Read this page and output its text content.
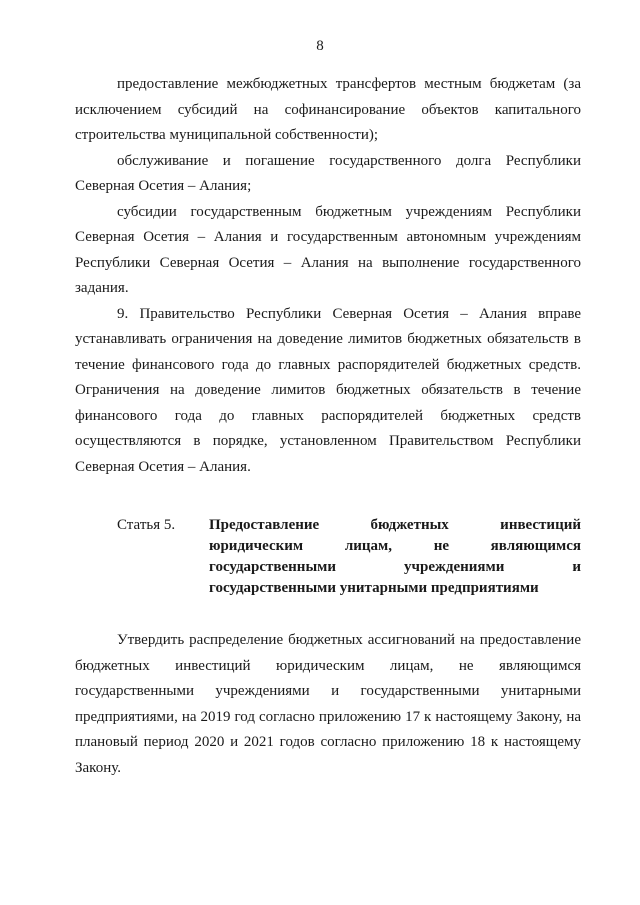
8

предоставление межбюджетных трансфертов местным бюджетам (за исключением субсидий на софинансирование объектов капитального строительства муниципальной собственности);

обслуживание и погашение государственного долга Республики Северная Осетия – Алания;

субсидии государственным бюджетным учреждениям Республики Северная Осетия – Алания и государственным автономным учреждениям Республики Северная Осетия – Алания на выполнение государственного задания.

9. Правительство Республики Северная Осетия – Алания вправе устанавливать ограничения на доведение лимитов бюджетных обязательств в течение финансового года до главных распорядителей бюджетных средств. Ограничения на доведение лимитов бюджетных обязательств в течение финансового года до главных распорядителей бюджетных средств осуществляются в порядке, установленном Правительством Республики Северная Осетия – Алания.

Статья 5. Предоставление бюджетных инвестиций юридическим лицам, не являющимся государственными учреждениями и государственными унитарными предприятиями

Утвердить распределение бюджетных ассигнований на предоставление бюджетных инвестиций юридическим лицам, не являющимся государственными учреждениями и государственными унитарными предприятиями, на 2019 год согласно приложению 17 к настоящему Закону, на плановый период 2020 и 2021 годов согласно приложению 18 к настоящему Закону.
